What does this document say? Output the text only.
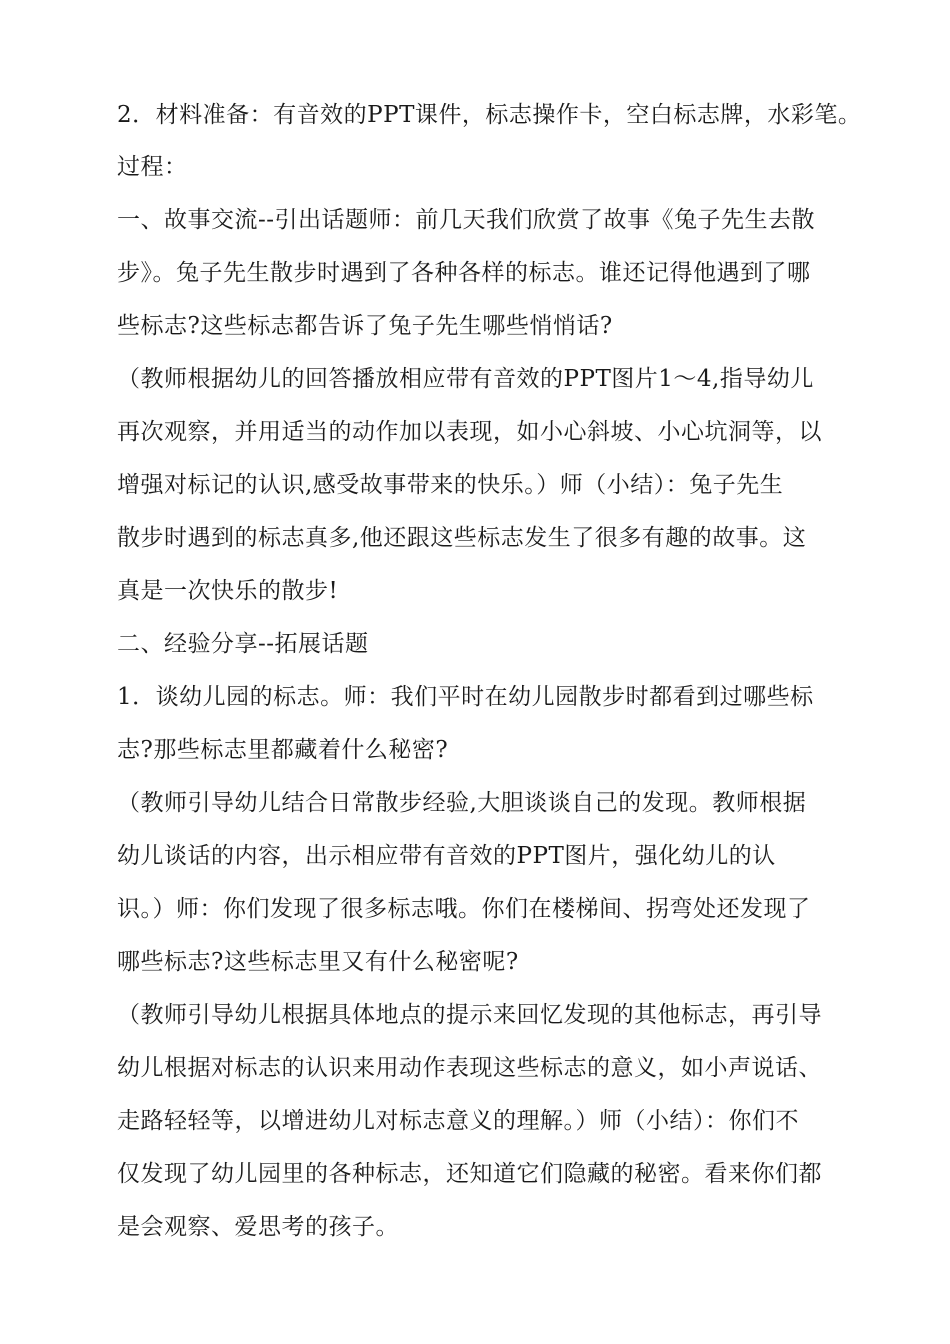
2．材料准备：有音效的PPT课件，标志操作卡，空白标志牌，水彩笔。
过程：
一、故事交流--引出话题师：前几天我们欣赏了故事《兔子先生去散
步》。兔子先生散步时遇到了各种各样的标志。谁还记得他遇到了哪
些标志?这些标志都告诉了兔子先生哪些悄悄话?
（教师根据幼儿的回答播放相应带有音效的PPT图片1～4,指导幼儿
再次观察，并用适当的动作加以表现，如小心斜坡、小心坑洞等，以
增强对标记的认识,感受故事带来的快乐。）师（小结）：兔子先生
散步时遇到的标志真多,他还跟这些标志发生了很多有趣的故事。这
真是一次快乐的散步!
二、经验分享--拓展话题
1．谈幼儿园的标志。师：我们平时在幼儿园散步时都看到过哪些标
志?那些标志里都藏着什么秘密?
（教师引导幼儿结合日常散步经验,大胆谈谈自己的发现。教师根据
幼儿谈话的内容，出示相应带有音效的PPT图片，强化幼儿的认
识。）师：你们发现了很多标志哦。你们在楼梯间、拐弯处还发现了
哪些标志?这些标志里又有什么秘密呢?
（教师引导幼儿根据具体地点的提示来回忆发现的其他标志，再引导
幼儿根据对标志的认识来用动作表现这些标志的意义，如小声说话、
走路轻轻等，以增进幼儿对标志意义的理解。）师（小结）：你们不
仅发现了幼儿园里的各种标志，还知道它们隐藏的秘密。看来你们都
是会观察、爱思考的孩子。
